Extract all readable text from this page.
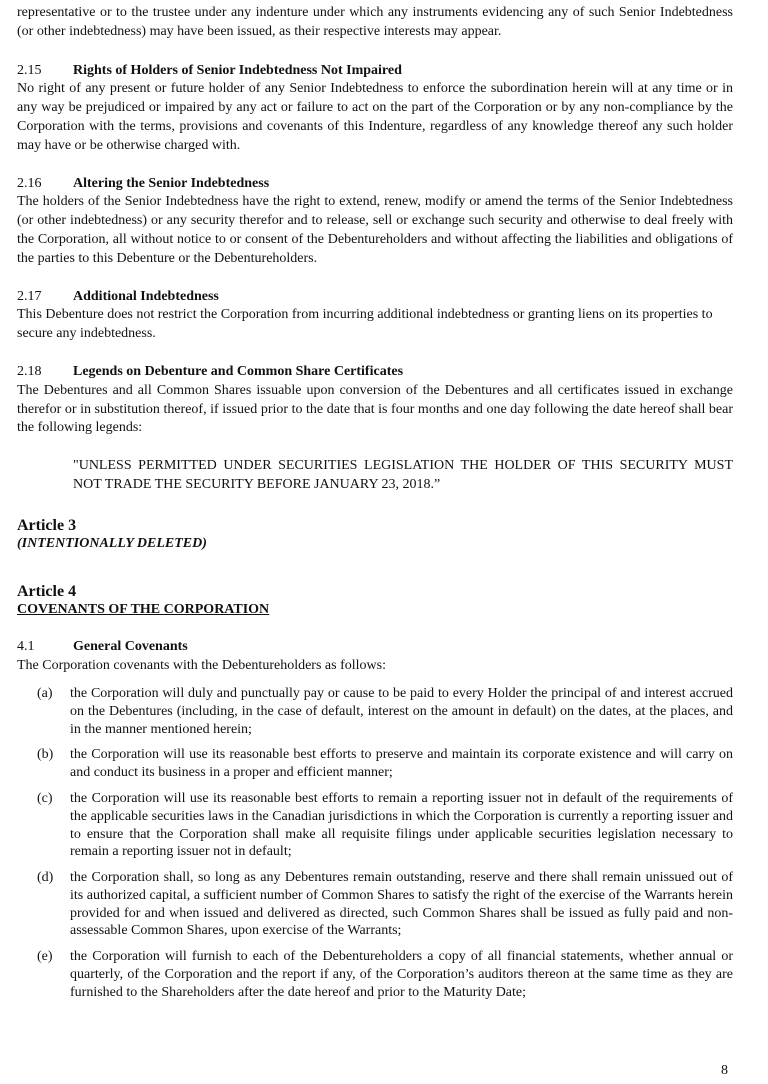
representative or to the trustee under any indenture under which any instruments evidencing any of such Senior Indebtedness (or other indebtedness) may have been issued, as their respective interests may appear.

2.15 Rights of Holders of Senior Indebtedness Not Impaired

No right of any present or future holder of any Senior Indebtedness to enforce the subordination herein will at any time or in any way be prejudiced or impaired by any act or failure to act on the part of the Corporation or by any non-compliance by the Corporation with the terms, provisions and covenants of this Indenture, regardless of any knowledge thereof any such holder may have or be otherwise charged with.

2.16 Altering the Senior Indebtedness

The holders of the Senior Indebtedness have the right to extend, renew, modify or amend the terms of the Senior Indebtedness (or other indebtedness) or any security therefor and to release, sell or exchange such security and otherwise to deal freely with the Corporation, all without notice to or consent of the Debentureholders and without affecting the liabilities and obligations of the parties to this Debenture or the Debentureholders.

2.17 Additional Indebtedness

This Debenture does not restrict the Corporation from incurring additional indebtedness or granting liens on its properties to secure any indebtedness.

2.18 Legends on Debenture and Common Share Certificates

The Debentures and all Common Shares issuable upon conversion of the Debentures and all certificates issued in exchange therefor or in substitution thereof, if issued prior to the date that is four months and one day following the date hereof shall bear the following legends:

"UNLESS PERMITTED UNDER SECURITIES LEGISLATION THE HOLDER OF THIS SECURITY MUST NOT TRADE THE SECURITY BEFORE JANUARY 23, 2018.”

Article 3

(INTENTIONALLY DELETED)

Article 4

COVENANTS OF THE CORPORATION

4.1	General Covenants

The Corporation covenants with the Debentureholders as follows:

(a)	the Corporation will duly and punctually pay or cause to be paid to every Holder the principal of and interest accrued on the Debentures (including, in the case of default, interest on the amount in default) on the dates, at the places, and in the manner mentioned herein;
(b)	the Corporation will use its reasonable best efforts to preserve and maintain its corporate existence and will carry on and conduct its business in a proper and efficient manner;
(c)	the Corporation will use its reasonable best efforts to remain a reporting issuer not in default of the requirements of the applicable securities laws in the Canadian jurisdictions in which the Corporation is currently a reporting issuer and to ensure that the Corporation shall make all requisite filings under applicable securities legislation necessary to remain a reporting issuer not in default;
(d)	the Corporation shall, so long as any Debentures remain outstanding, reserve and there shall remain unissued out of its authorized capital, a sufficient number of Common Shares to satisfy the right of the exercise of the Warrants herein provided for and when issued and delivered as directed, such Common Shares shall be issued as fully paid and non-assessable Common Shares, upon exercise of the Warrants;
(e)	the Corporation will furnish to each of the Debentureholders a copy of all financial statements, whether annual or quarterly, of the Corporation and the report if any, of the Corporation’s auditors thereon at the same time as they are furnished to the Shareholders after the date hereof and prior to the Maturity Date;
8
